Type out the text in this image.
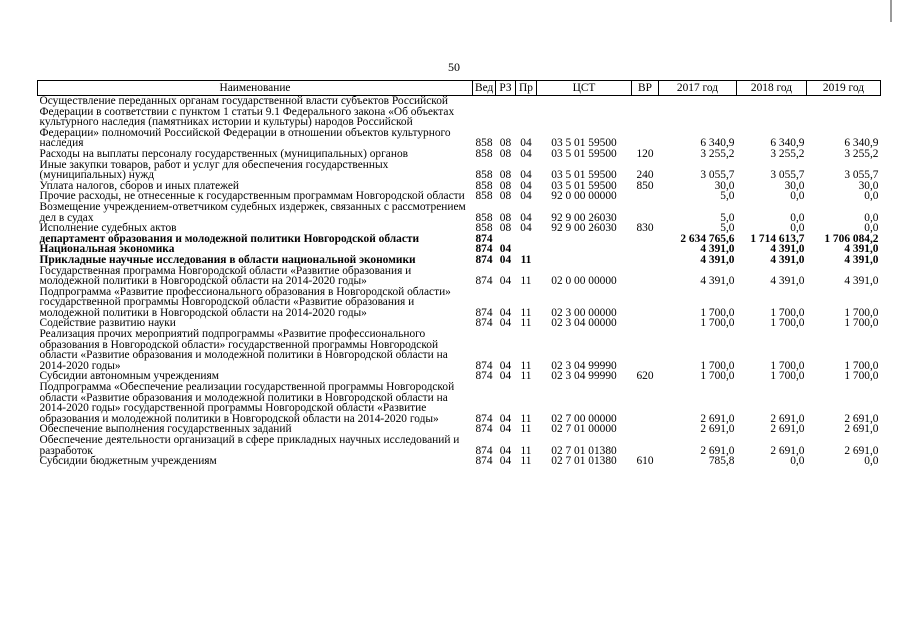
50
Наименование	Вед	РЗ	Пр	ЦСТ	ВР	2017 год	2018 год	2019 год
Осуществление переданных органам государственной власти субъектов Российской Федерации в соответствии с пунктом 1 статьи 9.1 Федерального закона «Об объектах культурного наследия (памятниках истории и культуры) народов Российской Федерации» полномочий Российской Федерации в отношении объектов культурного наследия	858	08	04	03 5 01 59500		6 340,9	6 340,9	6 340,9
Расходы на выплаты персоналу государственных (муниципальных) органов	858	08	04	03 5 01 59500	120	3 255,2	3 255,2	3 255,2
Иные закупки товаров, работ и услуг для обеспечения государственных (муниципальных) нужд	858	08	04	03 5 01 59500	240	3 055,7	3 055,7	3 055,7
Уплата налогов, сборов и иных платежей	858	08	04	03 5 01 59500	850	30,0	30,0	30,0
Прочие расходы, не отнесенные к государственным программам Новгородской области	858	08	04	92 0 00 00000		5,0	0,0	0,0
Возмещение учреждением-ответчиком судебных издержек, связанных с рассмотрением дел в судах	858	08	04	92 9 00 26030		5,0	0,0	0,0
Исполнение судебных актов	858	08	04	92 9 00 26030	830	5,0	0,0	0,0
департамент образования и молодежной политики Новгородской области	874					2 634 765,6	1 714 613,7	1 706 084,2
Национальная экономика	874	04				4 391,0	4 391,0	4 391,0
Прикладные научные исследования в области национальной экономики	874	04	11			4 391,0	4 391,0	4 391,0
Государственная программа Новгородской области «Развитие образования и молодежной политики в Новгородской области на 2014-2020 годы»	874	04	11	02 0 00 00000		4 391,0	4 391,0	4 391,0
Подпрограмма «Развитие профессионального образования в Новгородской области» государственной программы Новгородской области «Развитие образования и молодежной политики в Новгородской области на 2014-2020 годы»	874	04	11	02 3 00 00000		1 700,0	1 700,0	1 700,0
Содействие развитию науки	874	04	11	02 3 04 00000		1 700,0	1 700,0	1 700,0
Реализация прочих мероприятий подпрограммы «Развитие профессионального образования в Новгородской области» государственной программы Новгородской области «Развитие образования и молодежной политики в Новгородской области на 2014-2020 годы»	874	04	11	02 3 04 99990		1 700,0	1 700,0	1 700,0
Субсидии автономным учреждениям	874	04	11	02 3 04 99990	620	1 700,0	1 700,0	1 700,0
Подпрограмма «Обеспечение реализации государственной программы Новгородской области «Развитие образования и молодежной политики в Новгородской области на 2014-2020 годы» государственной программы Новгородской области «Развитие образования и молодежной политики в Новгородской области на 2014-2020 годы»	874	04	11	02 7 00 00000		2 691,0	2 691,0	2 691,0
Обеспечение выполнения государственных заданий	874	04	11	02 7 01 00000		2 691,0	2 691,0	2 691,0
Обеспечение деятельности организаций в сфере прикладных научных исследований и разработок	874	04	11	02 7 01 01380		2 691,0	2 691,0	2 691,0
Субсидии бюджетным учреждениям	874	04	11	02 7 01 01380	610	785,8	0,0	0,0
